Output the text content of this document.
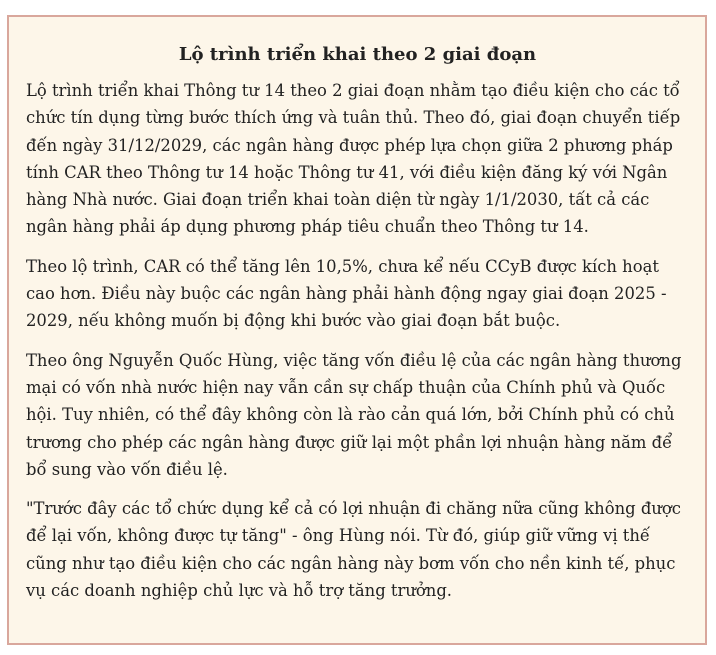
Lộ trình triển khai theo 2 giai đoạn

Lộ trình triển khai Thông tư 14 theo 2 giai đoạn nhằm tạo điều kiện cho các tổ chức tín dụng từng bước thích ứng và tuân thủ. Theo đó, giai đoạn chuyển tiếp đến ngày 31/12/2029, các ngân hàng được phép lựa chọn giữa 2 phương pháp tính CAR theo Thông tư 14 hoặc Thông tư 41, với điều kiện đăng ký với Ngân hàng Nhà nước. Giai đoạn triển khai toàn diện từ ngày 1/1/2030, tất cả các ngân hàng phải áp dụng phương pháp tiêu chuẩn theo Thông tư 14.

Theo lộ trình, CAR có thể tăng lên 10,5%, chưa kể nếu CCyB được kích hoạt cao hơn. Điều này buộc các ngân hàng phải hành động ngay giai đoạn 2025 - 2029, nếu không muốn bị động khi bước vào giai đoạn bắt buộc.

Theo ông Nguyễn Quốc Hùng, việc tăng vốn điều lệ của các ngân hàng thương mại có vốn nhà nước hiện nay vẫn cần sự chấp thuận của Chính phủ và Quốc hội. Tuy nhiên, có thể đây không còn là rào cản quá lớn, bởi Chính phủ có chủ trương cho phép các ngân hàng được giữ lại một phần lợi nhuận hàng năm để bổ sung vào vốn điều lệ.

"Trước đây các tổ chức dụng kể cả có lợi nhuận đi chăng nữa cũng không được để lại vốn, không được tự tăng" - ông Hùng nói. Từ đó, giúp giữ vững vị thế cũng như tạo điều kiện cho các ngân hàng này bơm vốn cho nền kinh tế, phục vụ các doanh nghiệp chủ lực và hỗ trợ tăng trưởng.
